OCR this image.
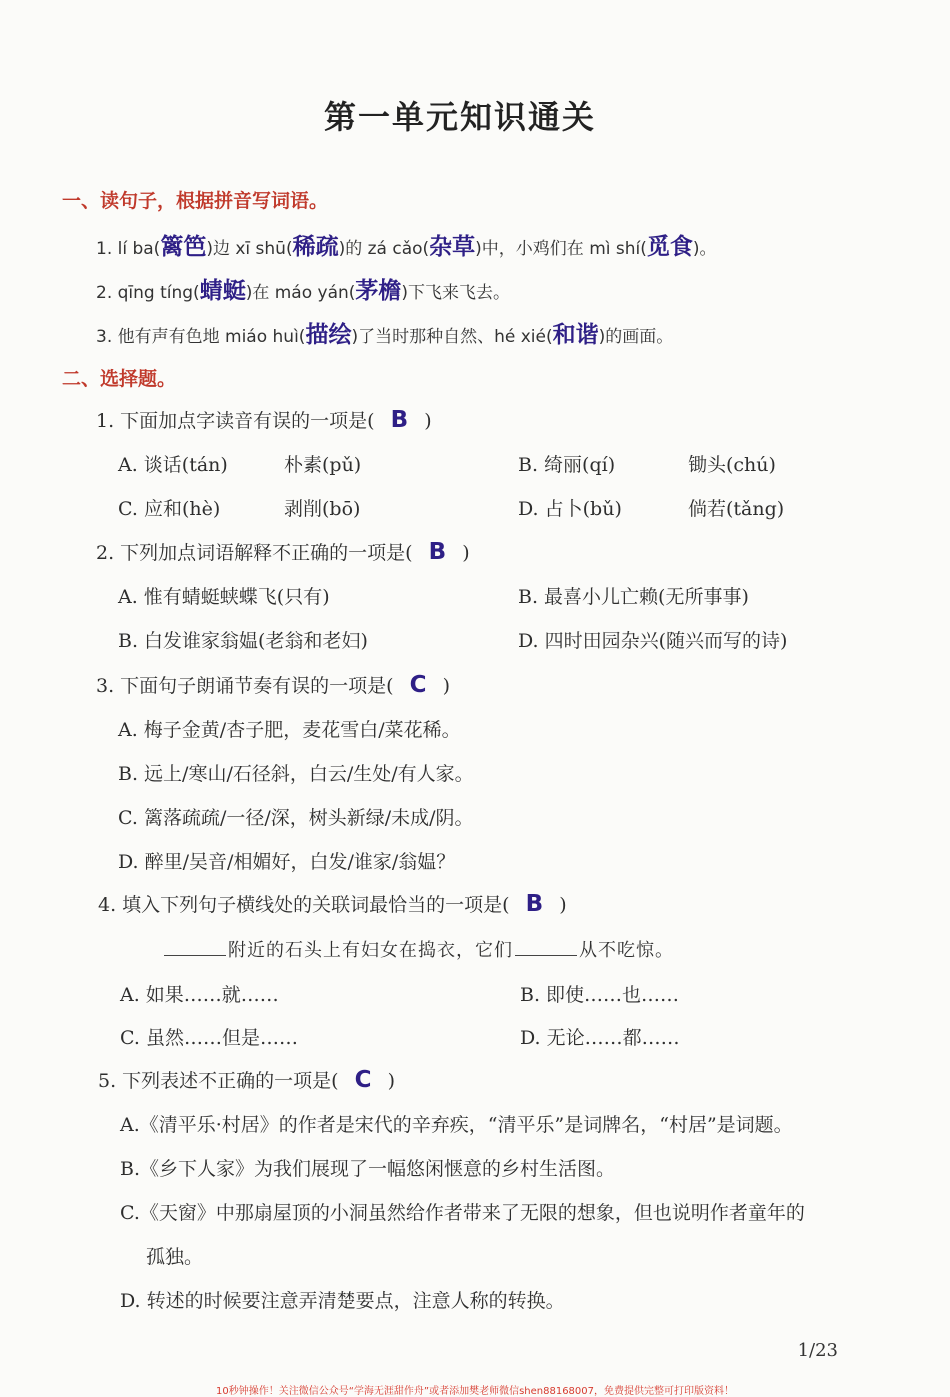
第一单元知识通关
一、读句子，根据拼音写词语。
1. lí ba(篱笆)边 xī shū(稀疏)的 zá cǎo(杂草)中，小鸡们在 mì shí(觅食)。
2. qīng tíng(蜻蜓)在 máo yán(茅檐)下飞来飞去。
3. 他有声有色地 miáo huì(描绘)了当时那种自然、hé xié(和谐)的画面。
二、选择题。
1. 下面加点字读音有误的一项是( B )
A. 谈话(tán)	朴素(pǔ)	B. 绮丽(qí)	锄头(chú)
C. 应和(hè)	剥削(bō)	D. 占卜(bǔ)	倘若(tǎng)
2. 下列加点词语解释不正确的一项是( B )
A. 惟有蜻蜓蛱蝶飞(只有)	B. 最喜小儿亡赖(无所事事)
B. 白发谁家翁媪(老翁和老妇)	D. 四时田园杂兴(随兴而写的诗)
3. 下面句子朗诵节奏有误的一项是( C )
A. 梅子金黄/杏子肥，麦花雪白/菜花稀。
B. 远上/寒山/石径斜，白云/生处/有人家。
C. 篱落疏疏/一径/深，树头新绿/未成/阴。
D. 醉里/吴音/相媚好，白发/谁家/翁媪？
4. 填入下列句子横线处的关联词最恰当的一项是( B )
附近的石头上有妇女在捣衣，它们	从不吃惊。
A. 如果……就……	B. 即使……也……
C. 虽然……但是……	D. 无论……都……
5. 下列表述不正确的一项是( C )
A.《清平乐·村居》的作者是宋代的辛弃疾，“清平乐”是词牌名，“村居”是词题。
B.《乡下人家》为我们展现了一幅悠闲惬意的乡村生活图。
C.《天窗》中那扇屋顶的小洞虽然给作者带来了无限的想象，但也说明作者童年的
孤独。
D. 转述的时候要注意弄清楚要点，注意人称的转换。
1/23
10秒钟操作！关注微信公众号“学海无涯甜作舟”或者添加樊老师微信shen88168007，免费提供完整可打印版资料！
